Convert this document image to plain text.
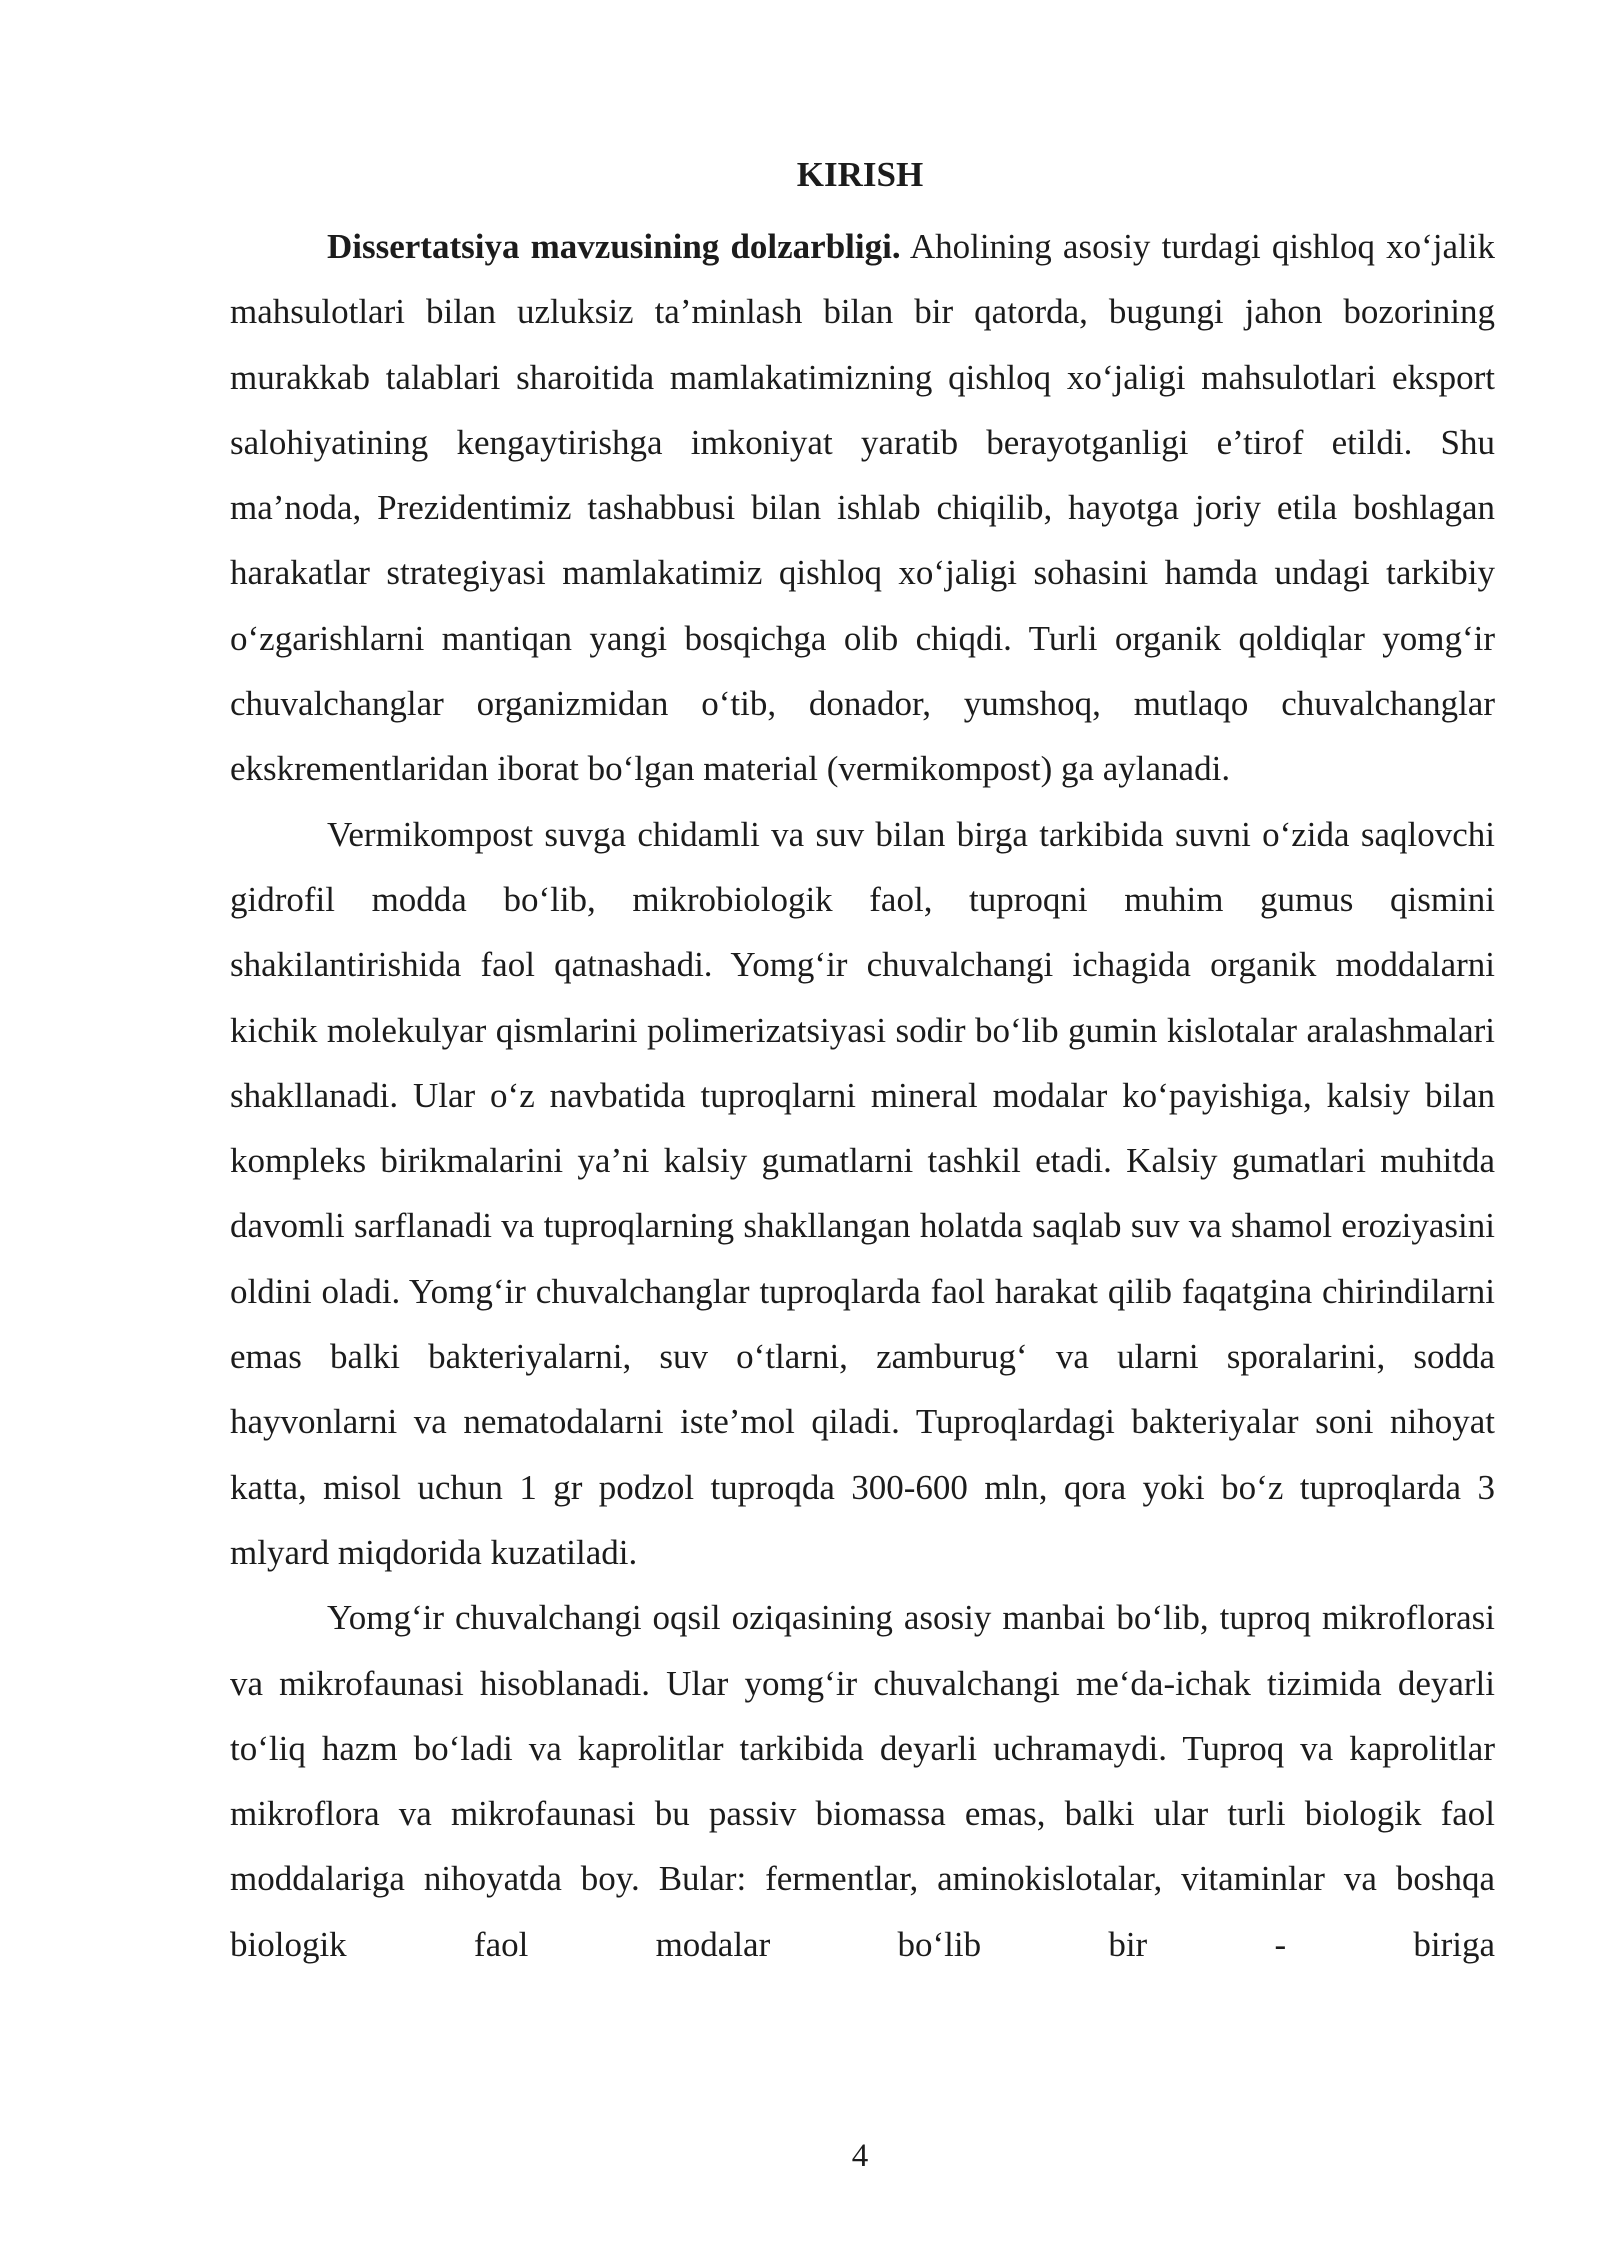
KIRISH

Dissertatsiya mavzusining dolzarbligi. Aholining asosiy turdagi qishloq xo‘jalik mahsulotlari bilan uzluksiz ta’minlash bilan bir qatorda, bugungi jahon bozorining murakkab talablari sharoitida mamlakatimizning qishloq xo‘jaligi mahsulotlari eksport salohiyatining kengaytirishga imkoniyat yaratib berayotganligi e’tirof etildi. Shu ma’noda, Prezidentimiz tashabbusi bilan ishlab chiqilib, hayotga joriy etila boshlagan harakatlar strategiyasi mamlakatimiz qishloq xo‘jaligi sohasini hamda undagi tarkibiy o‘zgarishlarni mantiqan yangi bosqichga olib chiqdi. Turli organik qoldiqlar yomg‘ir chuvalchanglar organizmidan o‘tib, donador, yumshoq, mutlaqo chuvalchanglar ekskrementlaridan iborat bo‘lgan material (vermikompost) ga aylanadi.

Vermikompost suvga chidamli va suv bilan birga tarkibida suvni o‘zida saqlovchi gidrofil modda bo‘lib, mikrobiologik faol, tuproqni muhim gumus qismini shakilantirishida faol qatnashadi. Yomg‘ir chuvalchangi ichagida organik moddalarni kichik molekulyar qismlarini polimerizatsiyasi sodir bo‘lib gumin kislotalar aralashmalari shakllanadi. Ular o‘z navbatida tuproqlarni mineral modalar ko‘payishiga, kalsiy bilan kompleks birikmalarini ya’ni kalsiy gumatlarni tashkil etadi. Kalsiy gumatlari muhitda davomli sarflanadi va tuproqlarning shakllangan holatda saqlab suv va shamol eroziyasini oldini oladi. Yomg‘ir chuvalchanglar tuproqlarda faol harakat qilib faqatgina chirindilarni emas balki bakteriyalarni, suv o‘tlarni, zamburug‘ va ularni sporalarini, sodda hayvonlarni va nematodalarni iste’mol qiladi. Tuproqlardagi bakteriyalar soni nihoyat katta, misol uchun 1 gr podzol tuproqda 300-600 mln, qora yoki bo‘z tuproqlarda 3 mlyard miqdorida kuzatiladi.

Yomg‘ir chuvalchangi oqsil oziqasining asosiy manbai bo‘lib, tuproq mikroflorasi va mikrofaunasi hisoblanadi. Ular yomg‘ir chuvalchangi me‘da-ichak tizimida deyarli to‘liq hazm bo‘ladi va kaprolitlar tarkibida deyarli uchramaydi. Tuproq va kaprolitlar mikroflora va mikrofaunasi bu passiv biomassa emas, balki ular turli biologik faol moddalariga nihoyatda boy. Bular: fermentlar, aminokislotalar, vitaminlar va boshqa biologik faol modalar bo‘lib bir - biriga

4
